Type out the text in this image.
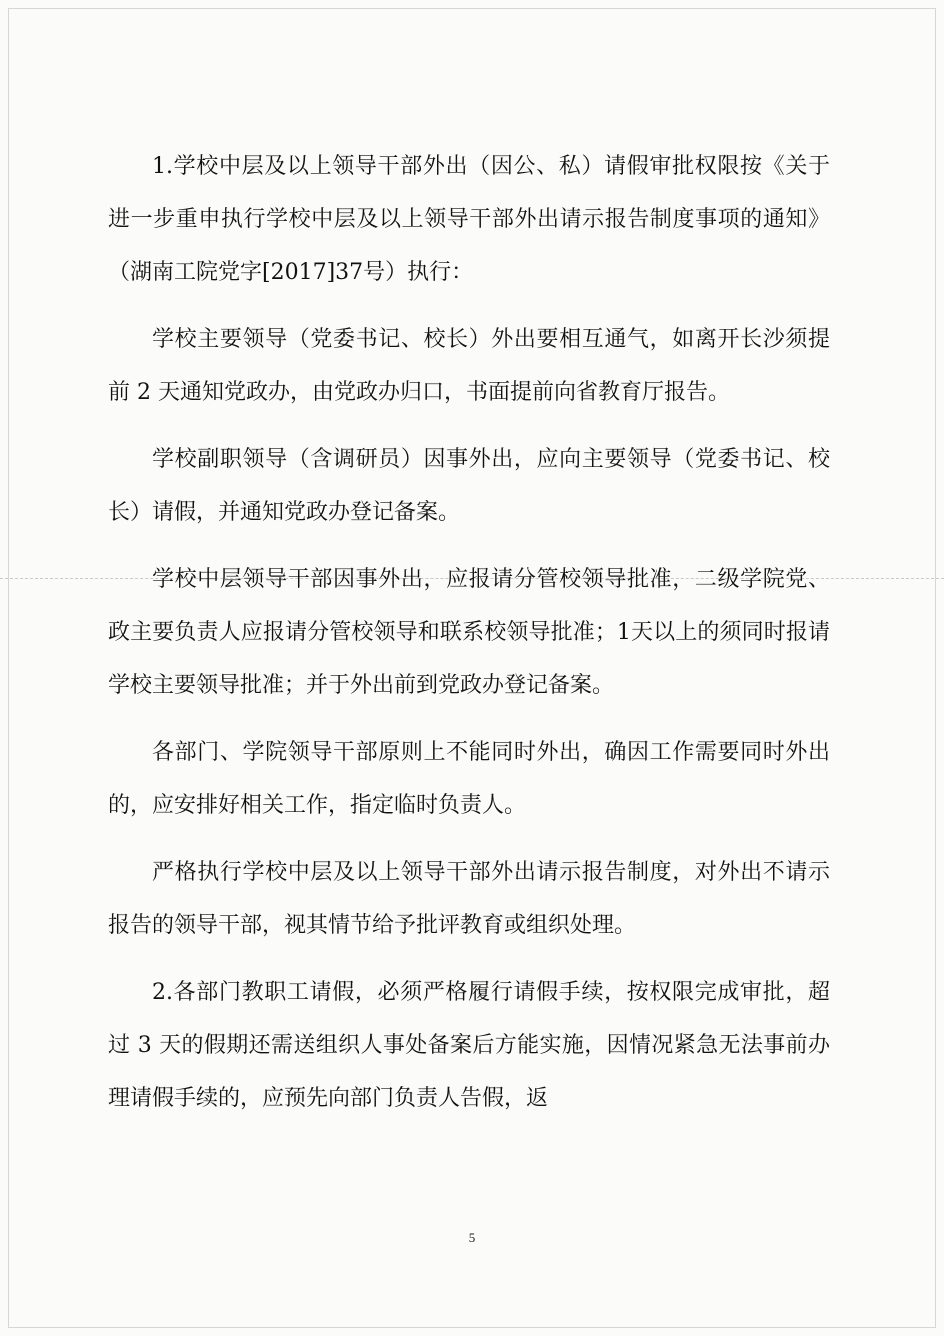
1.学校中层及以上领导干部外出（因公、私）请假审批权限按《关于进一步重申执行学校中层及以上领导干部外出请示报告制度事项的通知》（湖南工院党字[2017]37号）执行：

学校主要领导（党委书记、校长）外出要相互通气，如离开长沙须提前 2 天通知党政办，由党政办归口，书面提前向省教育厅报告。

学校副职领导（含调研员）因事外出，应向主要领导（党委书记、校长）请假，并通知党政办登记备案。

学校中层领导干部因事外出，应报请分管校领导批准，二级学院党、政主要负责人应报请分管校领导和联系校领导批准；1天以上的须同时报请学校主要领导批准；并于外出前到党政办登记备案。

各部门、学院领导干部原则上不能同时外出，确因工作需要同时外出的，应安排好相关工作，指定临时负责人。

严格执行学校中层及以上领导干部外出请示报告制度，对外出不请示报告的领导干部，视其情节给予批评教育或组织处理。

2.各部门教职工请假，必须严格履行请假手续，按权限完成审批，超过 3 天的假期还需送组织人事处备案后方能实施，因情况紧急无法事前办理请假手续的，应预先向部门负责人告假，返

5
